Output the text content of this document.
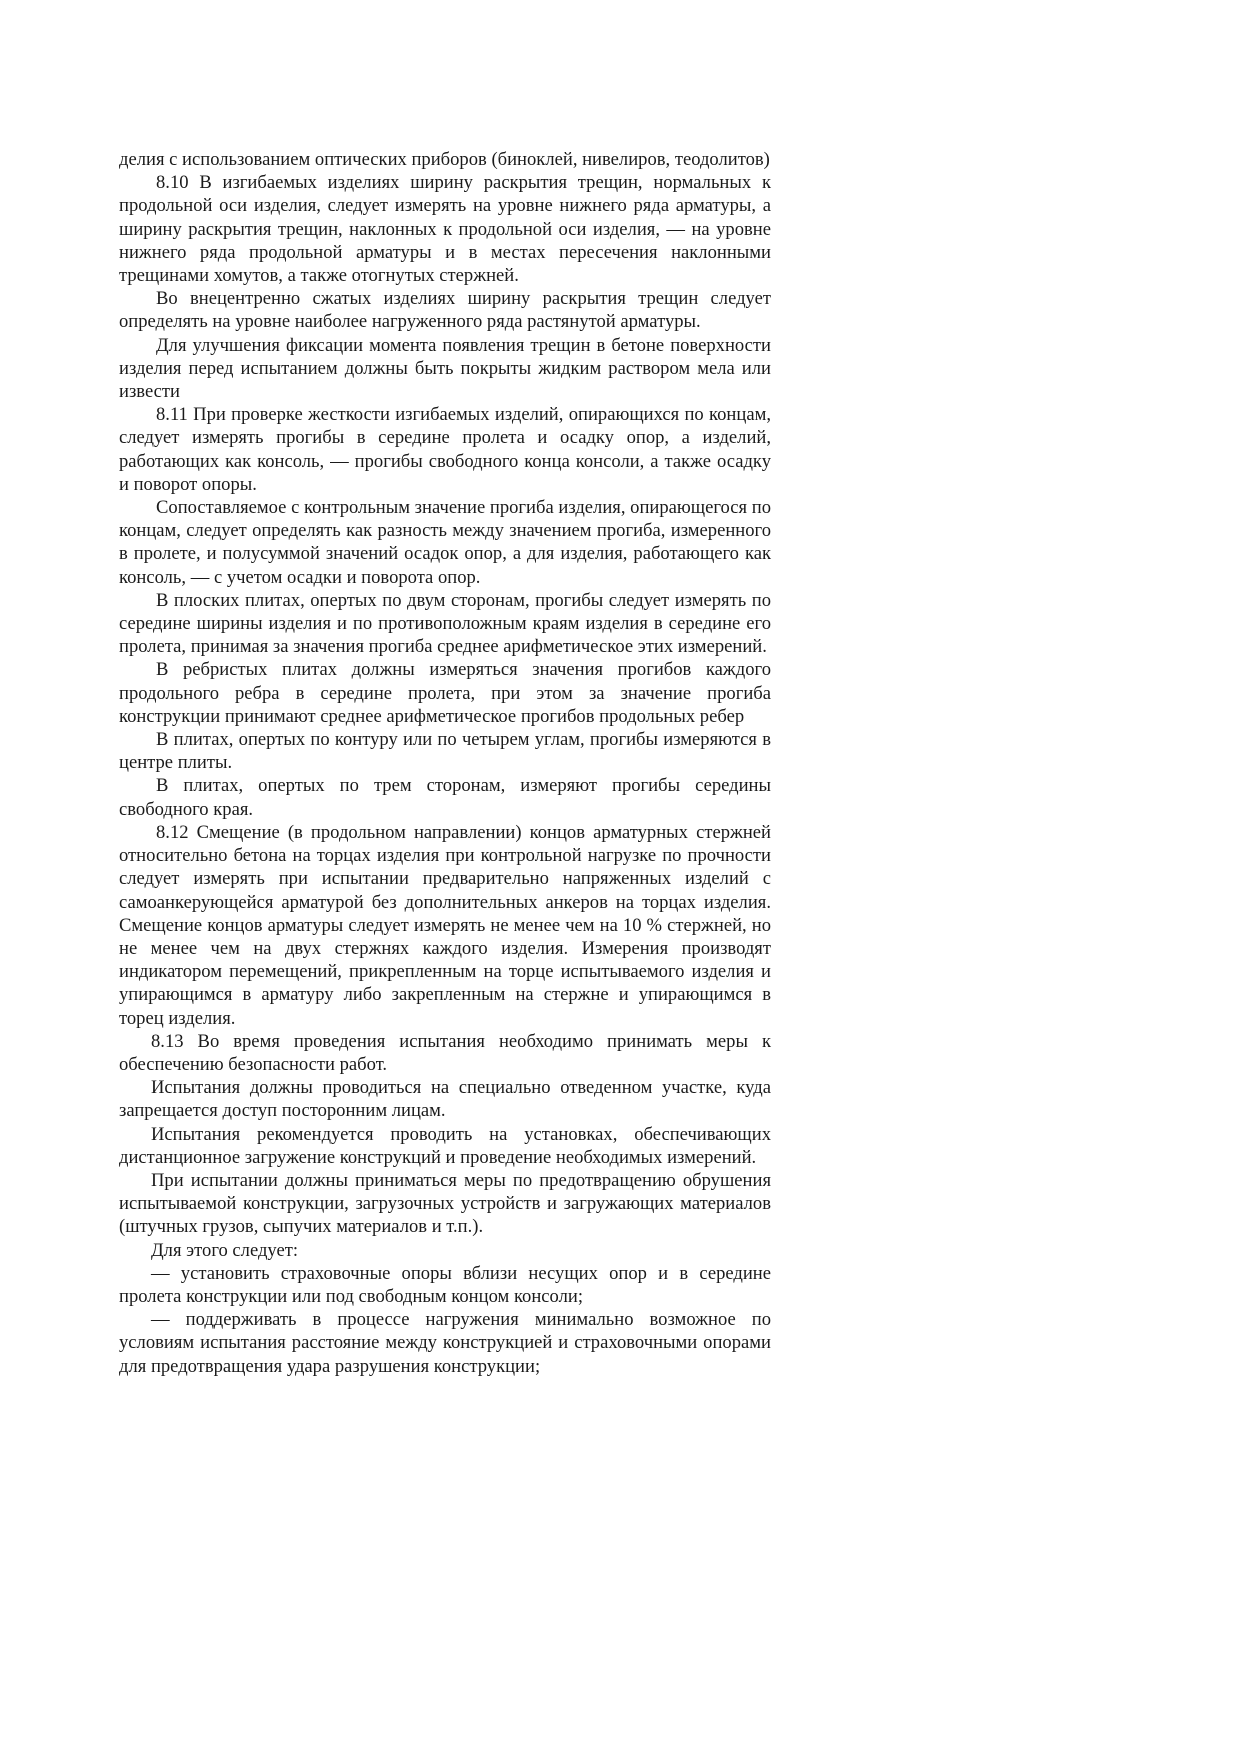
делия с использованием оптических приборов (биноклей, нивелиров, теодолитов)

8.10 В изгибаемых изделиях ширину раскрытия трещин, нормальных к продольной оси изделия, следует измерять на уровне нижнего ряда арматуры, а ширину раскрытия трещин, наклонных к продольной оси изделия, — на уровне нижнего ряда продольной арматуры и в местах пересечения наклонными трещинами хомутов, а также отогнутых стержней.

Во внецентренно сжатых изделиях ширину раскрытия трещин следует определять на уровне наиболее нагруженного ряда растянутой арматуры.

Для улучшения фиксации момента появления трещин в бетоне поверхности изделия перед испытанием должны быть покрыты жидким раствором мела или извести

8.11 При проверке жесткости изгибаемых изделий, опирающихся по концам, следует измерять прогибы в середине пролета и осадку опор, а изделий, работающих как консоль, — прогибы свободного конца консоли, а также осадку и поворот опоры.

Сопоставляемое с контрольным значение прогиба изделия, опирающегося по концам, следует определять как разность между значением прогиба, измеренного в пролете, и полусуммой значений осадок опор, а для изделия, работающего как консоль, — с учетом осадки и поворота опор.

В плоских плитах, опертых по двум сторонам, прогибы следует измерять по середине ширины изделия и по противоположным краям изделия в середине его пролета, принимая за значения прогиба среднее арифметическое этих измерений.

В ребристых плитах должны измеряться значения прогибов каждого продольного ребра в середине пролета, при этом за значение прогиба конструкции принимают среднее арифметическое прогибов продольных ребер

В плитах, опертых по контуру или по четырем углам, прогибы измеряются в центре плиты.

В плитах, опертых по трем сторонам, измеряют прогибы середины свободного края.

8.12 Смещение (в продольном направлении) концов арматурных стержней относительно бетона на торцах изделия при контрольной нагрузке по прочности следует измерять при испытании предварительно напряженных изделий с самоанкерующейся арматурой без дополнительных анкеров на торцах изделия. Смещение концов арматуры следует измерять не менее чем на 10 % стержней, но не менее чем на двух стержнях каждого изделия. Измерения производят индикатором перемещений, прикрепленным на торце испытываемого изделия и упирающимся в арматуру либо закрепленным на стержне и упирающимся в торец изделия.

8.13 Во время проведения испытания необходимо принимать меры к обеспечению безопасности работ.

Испытания должны проводиться на специально отведенном участке, куда запрещается доступ посторонним лицам.

Испытания рекомендуется проводить на установках, обеспечивающих дистанционное загружение конструкций и проведение необходимых измерений.

При испытании должны приниматься меры по предотвращению обрушения испытываемой конструкции, загрузочных устройств и загружающих материалов (штучных грузов, сыпучих материалов и т.п.).

Для этого следует:

— установить страховочные опоры вблизи несущих опор и в середине пролета конструкции или под свободным концом консоли;

— поддерживать в процессе нагружения минимально возможное по условиям испытания расстояние между конструкцией и страховочными опорами для предотвращения удара разрушения конструкции;
